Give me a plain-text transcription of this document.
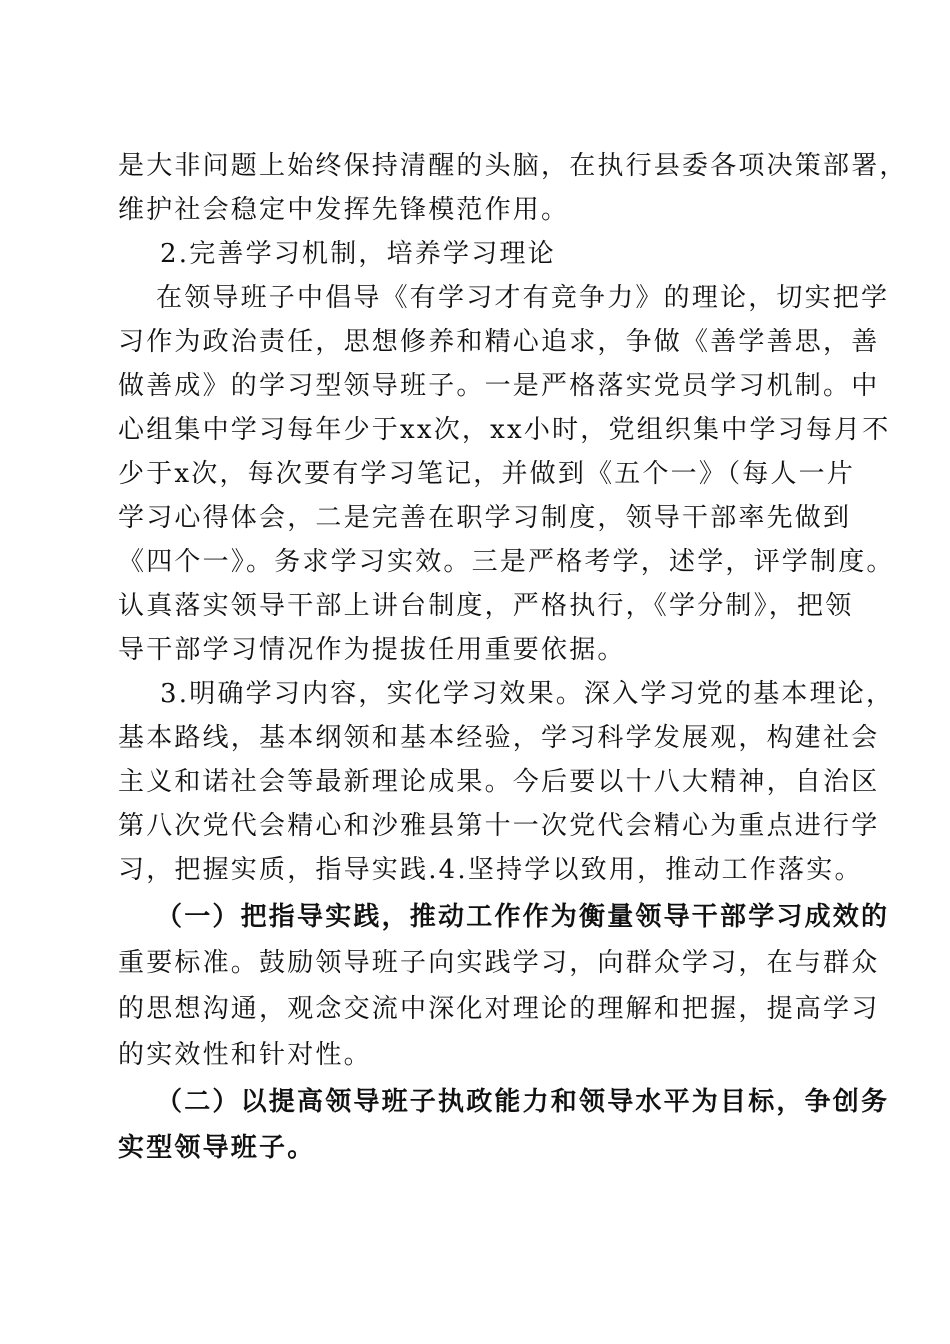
是大非问题上始终保持清醒的头脑，在执行县委各项决策部署，
维护社会稳定中发挥先锋模范作用。
2.完善学习机制，培养学习理论
在领导班子中倡导《有学习才有竞争力》的理论，切实把学
习作为政治责任，思想修养和精心追求，争做《善学善思，善
做善成》的学习型领导班子。一是严格落实党员学习机制。中
心组集中学习每年少于xx次，xx小时，党组织集中学习每月不
少于x次，每次要有学习笔记，并做到《五个一》（每人一片
学习心得体会，二是完善在职学习制度，领导干部率先做到
《四个一》。务求学习实效。三是严格考学，述学，评学制度。
认真落实领导干部上讲台制度，严格执行，《学分制》，把领
导干部学习情况作为提拔任用重要依据。
3.明确学习内容，实化学习效果。深入学习党的基本理论，
基本路线，基本纲领和基本经验，学习科学发展观，构建社会
主义和诺社会等最新理论成果。今后要以十八大精神，自治区
第八次党代会精心和沙雅县第十一次党代会精心为重点进行学
习，把握实质，指导实践.4.坚持学以致用，推动工作落实。
（一）把指导实践，推动工作作为衡量领导干部学习成效的
重要标准。鼓励领导班子向实践学习，向群众学习，在与群众
的思想沟通，观念交流中深化对理论的理解和把握，提高学习
的实效性和针对性。
（二）以提高领导班子执政能力和领导水平为目标，争创务
实型领导班子。
